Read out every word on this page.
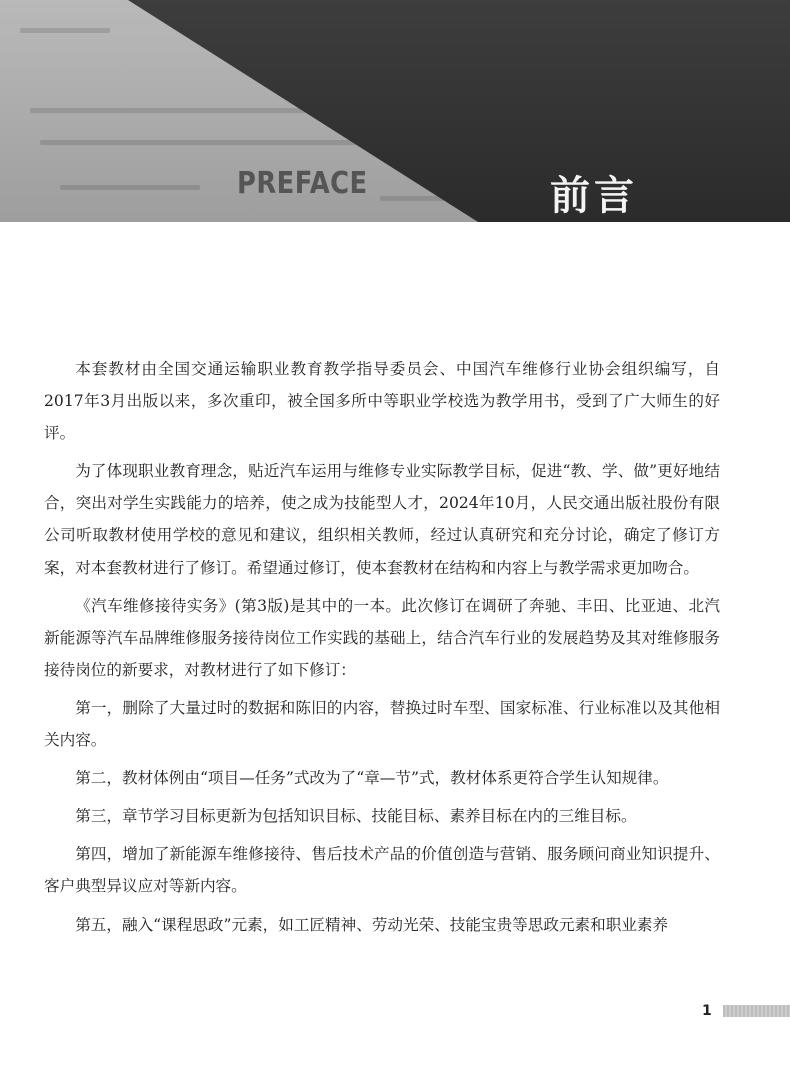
PREFACE	前言

本套教材由全国交通运输职业教育教学指导委员会、中国汽车维修行业协会组织编写，自2017年3月出版以来，多次重印，被全国多所中等职业学校选为教学用书，受到了广大师生的好评。

为了体现职业教育理念，贴近汽车运用与维修专业实际教学目标，促进“教、学、做”更好地结合，突出对学生实践能力的培养，使之成为技能型人才，2024年10月，人民交通出版社股份有限公司听取教材使用学校的意见和建议，组织相关教师，经过认真研究和充分讨论，确定了修订方案，对本套教材进行了修订。希望通过修订，使本套教材在结构和内容上与教学需求更加吻合。

《汽车维修接待实务》(第3版)是其中的一本。此次修订在调研了奔驰、丰田、比亚迪、北汽新能源等汽车品牌维修服务接待岗位工作实践的基础上，结合汽车行业的发展趋势及其对维修服务接待岗位的新要求，对教材进行了如下修订：

第一，删除了大量过时的数据和陈旧的内容，替换过时车型、国家标准、行业标准以及其他相关内容。

第二，教材体例由“项目—任务”式改为了“章—节”式，教材体系更符合学生认知规律。

第三，章节学习目标更新为包括知识目标、技能目标、素养目标在内的三维目标。

第四，增加了新能源车维修接待、售后技术产品的价值创造与营销、服务顾问商业知识提升、客户典型异议应对等新内容。

第五，融入“课程思政”元素，如工匠精神、劳动光荣、技能宝贵等思政元素和职业素养

1
